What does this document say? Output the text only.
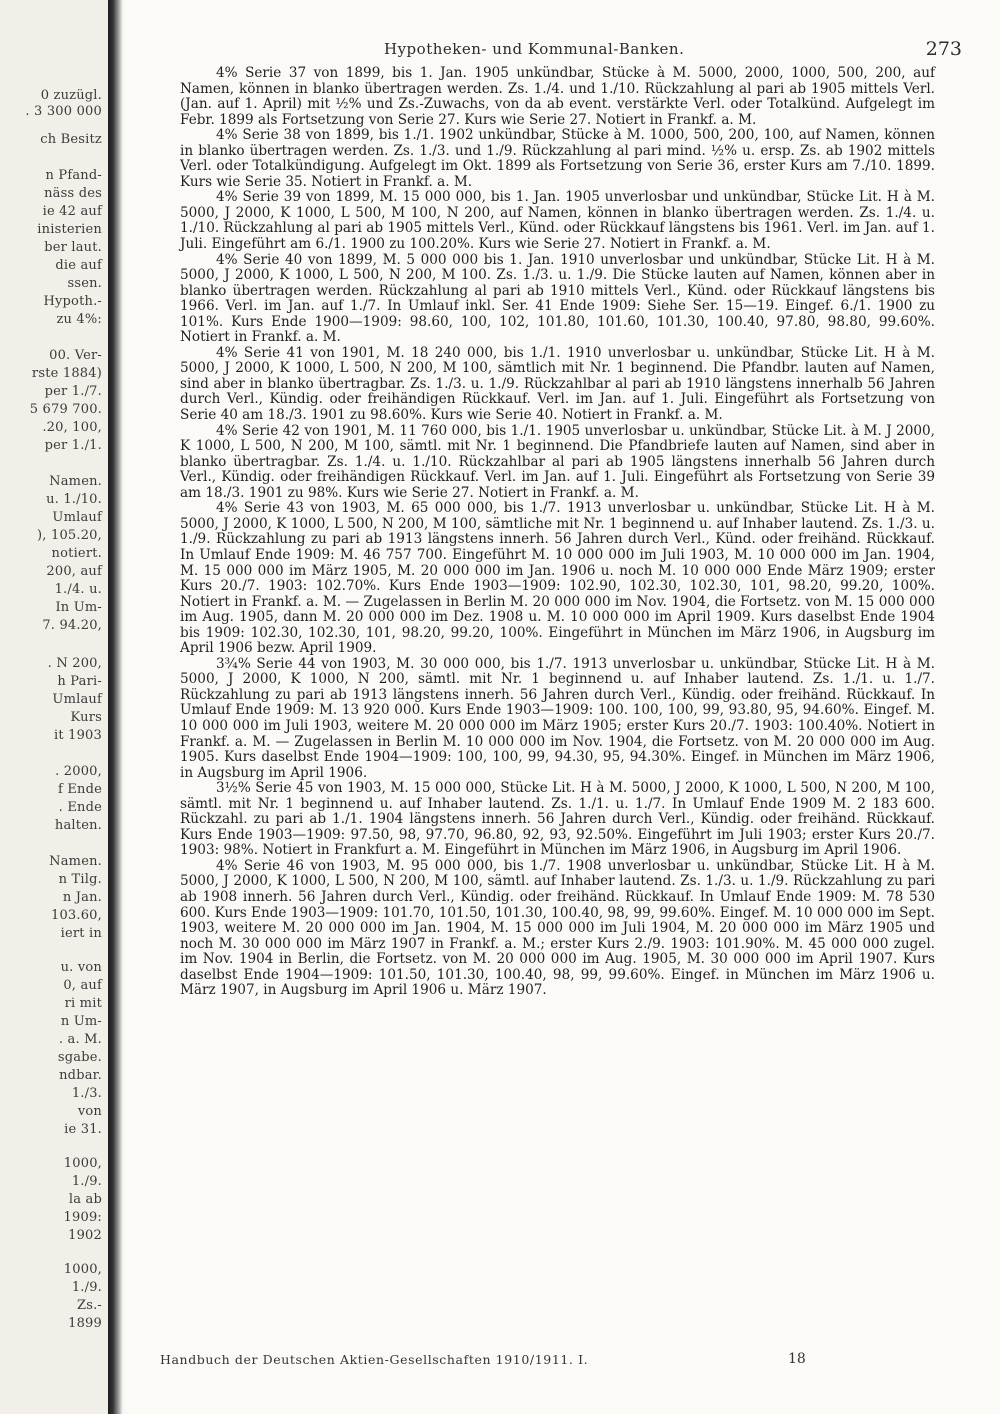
0 zuzügl.
. 3 300 000
ch Besitz
n Pfand-
näss des
ie 42 auf
inisterien
ber laut.
die auf
ssen.
Hypoth.-
zu 4%:
00. Ver-
rste 1884)
per 1./7.
5 679 700.
.20, 100,
per 1./1.
Namen.
u. 1./10.
Umlauf
), 105.20,
notiert.
200, auf
1./4. u.
In Um-
7. 94.20,
. N 200,
h Pari-
Umlauf
Kurs
it 1903
. 2000,
f Ende
. Ende
halten.
Namen.
n Tilg.
n Jan.
103.60,
iert in
u. von
0, auf
ri mit
n Um-
. a. M.
sgabe.
ndbar.
1./3.
von
ie 31.
1000,
1./9.
la ab
1909:
1902
1000,
1./9.
Zs.-
1899
Hypotheken- und Kommunal-Banken.	273

4% Serie 37 von 1899, bis 1. Jan. 1905 unkündbar, Stücke à M. 5000, 2000, 1000, 500, 200, auf Namen, können in blanko übertragen werden. Zs. 1./4. und 1./10. Rückzahlung al pari ab 1905 mittels Verl. (Jan. auf 1. April) mit ½% und Zs.-Zuwachs, von da ab event. verstärkte Verl. oder Totalkünd. Aufgelegt im Febr. 1899 als Fortsetzung von Serie 27. Kurs wie Serie 27. Notiert in Frankf. a. M.

4% Serie 38 von 1899, bis 1./1. 1902 unkündbar, Stücke à M. 1000, 500, 200, 100, auf Namen, können in blanko übertragen werden. Zs. 1./3. und 1./9. Rückzahlung al pari mind. ½% u. ersp. Zs. ab 1902 mittels Verl. oder Totalkündigung. Aufgelegt im Okt. 1899 als Fortsetzung von Serie 36, erster Kurs am 7./10. 1899. Kurs wie Serie 35. Notiert in Frankf. a. M.

4% Serie 39 von 1899, M. 15 000 000, bis 1. Jan. 1905 unverlosbar und unkündbar, Stücke Lit. H à M. 5000, J 2000, K 1000, L 500, M 100, N 200, auf Namen, können in blanko übertragen werden. Zs. 1./4. u. 1./10. Rückzahlung al pari ab 1905 mittels Verl., Künd. oder Rückkauf längstens bis 1961. Verl. im Jan. auf 1. Juli. Eingeführt am 6./1. 1900 zu 100.20%. Kurs wie Serie 27. Notiert in Frankf. a. M.

4% Serie 40 von 1899, M. 5 000 000 bis 1. Jan. 1910 unverlosbar und unkündbar, Stücke Lit. H à M. 5000, J 2000, K 1000, L 500, N 200, M 100. Zs. 1./3. u. 1./9. Die Stücke lauten auf Namen, können aber in blanko übertragen werden. Rückzahlung al pari ab 1910 mittels Verl., Künd. oder Rückkauf längstens bis 1966. Verl. im Jan. auf 1./7. In Umlauf inkl. Ser. 41 Ende 1909: Siehe Ser. 15—19. Eingef. 6./1. 1900 zu 101%. Kurs Ende 1900—1909: 98.60, 100, 102, 101.80, 101.60, 101.30, 100.40, 97.80, 98.80, 99.60%. Notiert in Frankf. a. M.

4% Serie 41 von 1901, M. 18 240 000, bis 1./1. 1910 unverlosbar u. unkündbar, Stücke Lit. H à M. 5000, J 2000, K 1000, L 500, N 200, M 100, sämtlich mit Nr. 1 beginnend. Die Pfandbr. lauten auf Namen, sind aber in blanko übertragbar. Zs. 1./3. u. 1./9. Rückzahlbar al pari ab 1910 längstens innerhalb 56 Jahren durch Verl., Kündig. oder freihändigen Rückkauf. Verl. im Jan. auf 1. Juli. Eingeführt als Fortsetzung von Serie 40 am 18./3. 1901 zu 98.60%. Kurs wie Serie 40. Notiert in Frankf. a. M.

4% Serie 42 von 1901, M. 11 760 000, bis 1./1. 1905 unverlosbar u. unkündbar, Stücke Lit. à M. J 2000, K 1000, L 500, N 200, M 100, sämtl. mit Nr. 1 beginnend. Die Pfandbriefe lauten auf Namen, sind aber in blanko übertragbar. Zs. 1./4. u. 1./10. Rückzahlbar al pari ab 1905 längstens innerhalb 56 Jahren durch Verl., Kündig. oder freihändigen Rückkauf. Verl. im Jan. auf 1. Juli. Eingeführt als Fortsetzung von Serie 39 am 18./3. 1901 zu 98%. Kurs wie Serie 27. Notiert in Frankf. a. M.

4% Serie 43 von 1903, M. 65 000 000, bis 1./7. 1913 unverlosbar u. unkündbar, Stücke Lit. H à M. 5000, J 2000, K 1000, L 500, N 200, M 100, sämtliche mit Nr. 1 beginnend u. auf Inhaber lautend. Zs. 1./3. u. 1./9. Rückzahlung zu pari ab 1913 längstens innerh. 56 Jahren durch Verl., Künd. oder freihänd. Rückkauf. In Umlauf Ende 1909: M. 46 757 700. Eingeführt M. 10 000 000 im Juli 1903, M. 10 000 000 im Jan. 1904, M. 15 000 000 im März 1905, M. 20 000 000 im Jan. 1906 u. noch M. 10 000 000 Ende März 1909; erster Kurs 20./7. 1903: 102.70%. Kurs Ende 1903—1909: 102.90, 102.30, 102.30, 101, 98.20, 99.20, 100%. Notiert in Frankf. a. M. — Zugelassen in Berlin M. 20 000 000 im Nov. 1904, die Fortsetz. von M. 15 000 000 im Aug. 1905, dann M. 20 000 000 im Dez. 1908 u. M. 10 000 000 im April 1909. Kurs daselbst Ende 1904 bis 1909: 102.30, 102.30, 101, 98.20, 99.20, 100%. Eingeführt in München im März 1906, in Augsburg im April 1906 bezw. April 1909.

3¾% Serie 44 von 1903, M. 30 000 000, bis 1./7. 1913 unverlosbar u. unkündbar, Stücke Lit. H à M. 5000, J 2000, K 1000, N 200, sämtl. mit Nr. 1 beginnend u. auf Inhaber lautend. Zs. 1./1. u. 1./7. Rückzahlung zu pari ab 1913 längstens innerh. 56 Jahren durch Verl., Kündig. oder freihänd. Rückkauf. In Umlauf Ende 1909: M. 13 920 000. Kurs Ende 1903—1909: 100. 100, 100, 99, 93.80, 95, 94.60%. Eingef. M. 10 000 000 im Juli 1903, weitere M. 20 000 000 im März 1905; erster Kurs 20./7. 1903: 100.40%. Notiert in Frankf. a. M. — Zugelassen in Berlin M. 10 000 000 im Nov. 1904, die Fortsetz. von M. 20 000 000 im Aug. 1905. Kurs daselbst Ende 1904—1909: 100, 100, 99, 94.30, 95, 94.30%. Eingef. in München im März 1906, in Augsburg im April 1906.

3½% Serie 45 von 1903, M. 15 000 000, Stücke Lit. H à M. 5000, J 2000, K 1000, L 500, N 200, M 100, sämtl. mit Nr. 1 beginnend u. auf Inhaber lautend. Zs. 1./1. u. 1./7. In Umlauf Ende 1909 M. 2 183 600. Rückzahl. zu pari ab 1./1. 1904 längstens innerh. 56 Jahren durch Verl., Kündig. oder freihänd. Rückkauf. Kurs Ende 1903—1909: 97.50, 98, 97.70, 96.80, 92, 93, 92.50%. Eingeführt im Juli 1903; erster Kurs 20./7. 1903: 98%. Notiert in Frankfurt a. M. Eingeführt in München im März 1906, in Augsburg im April 1906.

4% Serie 46 von 1903, M. 95 000 000, bis 1./7. 1908 unverlosbar u. unkündbar, Stücke Lit. H à M. 5000, J 2000, K 1000, L 500, N 200, M 100, sämtl. auf Inhaber lautend. Zs. 1./3. u. 1./9. Rückzahlung zu pari ab 1908 innerh. 56 Jahren durch Verl., Kündig. oder freihänd. Rückkauf. In Umlauf Ende 1909: M. 78 530 600. Kurs Ende 1903—1909: 101.70, 101.50, 101.30, 100.40, 98, 99, 99.60%. Eingef. M. 10 000 000 im Sept. 1903, weitere M. 20 000 000 im Jan. 1904, M. 15 000 000 im Juli 1904, M. 20 000 000 im März 1905 und noch M. 30 000 000 im März 1907 in Frankf. a. M.; erster Kurs 2./9. 1903: 101.90%. M. 45 000 000 zugel. im Nov. 1904 in Berlin, die Fortsetz. von M. 20 000 000 im Aug. 1905, M. 30 000 000 im April 1907. Kurs daselbst Ende 1904—1909: 101.50, 101.30, 100.40, 98, 99, 99.60%. Eingef. in München im März 1906 u. März 1907, in Augsburg im April 1906 u. März 1907.

Handbuch der Deutschen Aktien-Gesellschaften 1910/1911. I.	18
